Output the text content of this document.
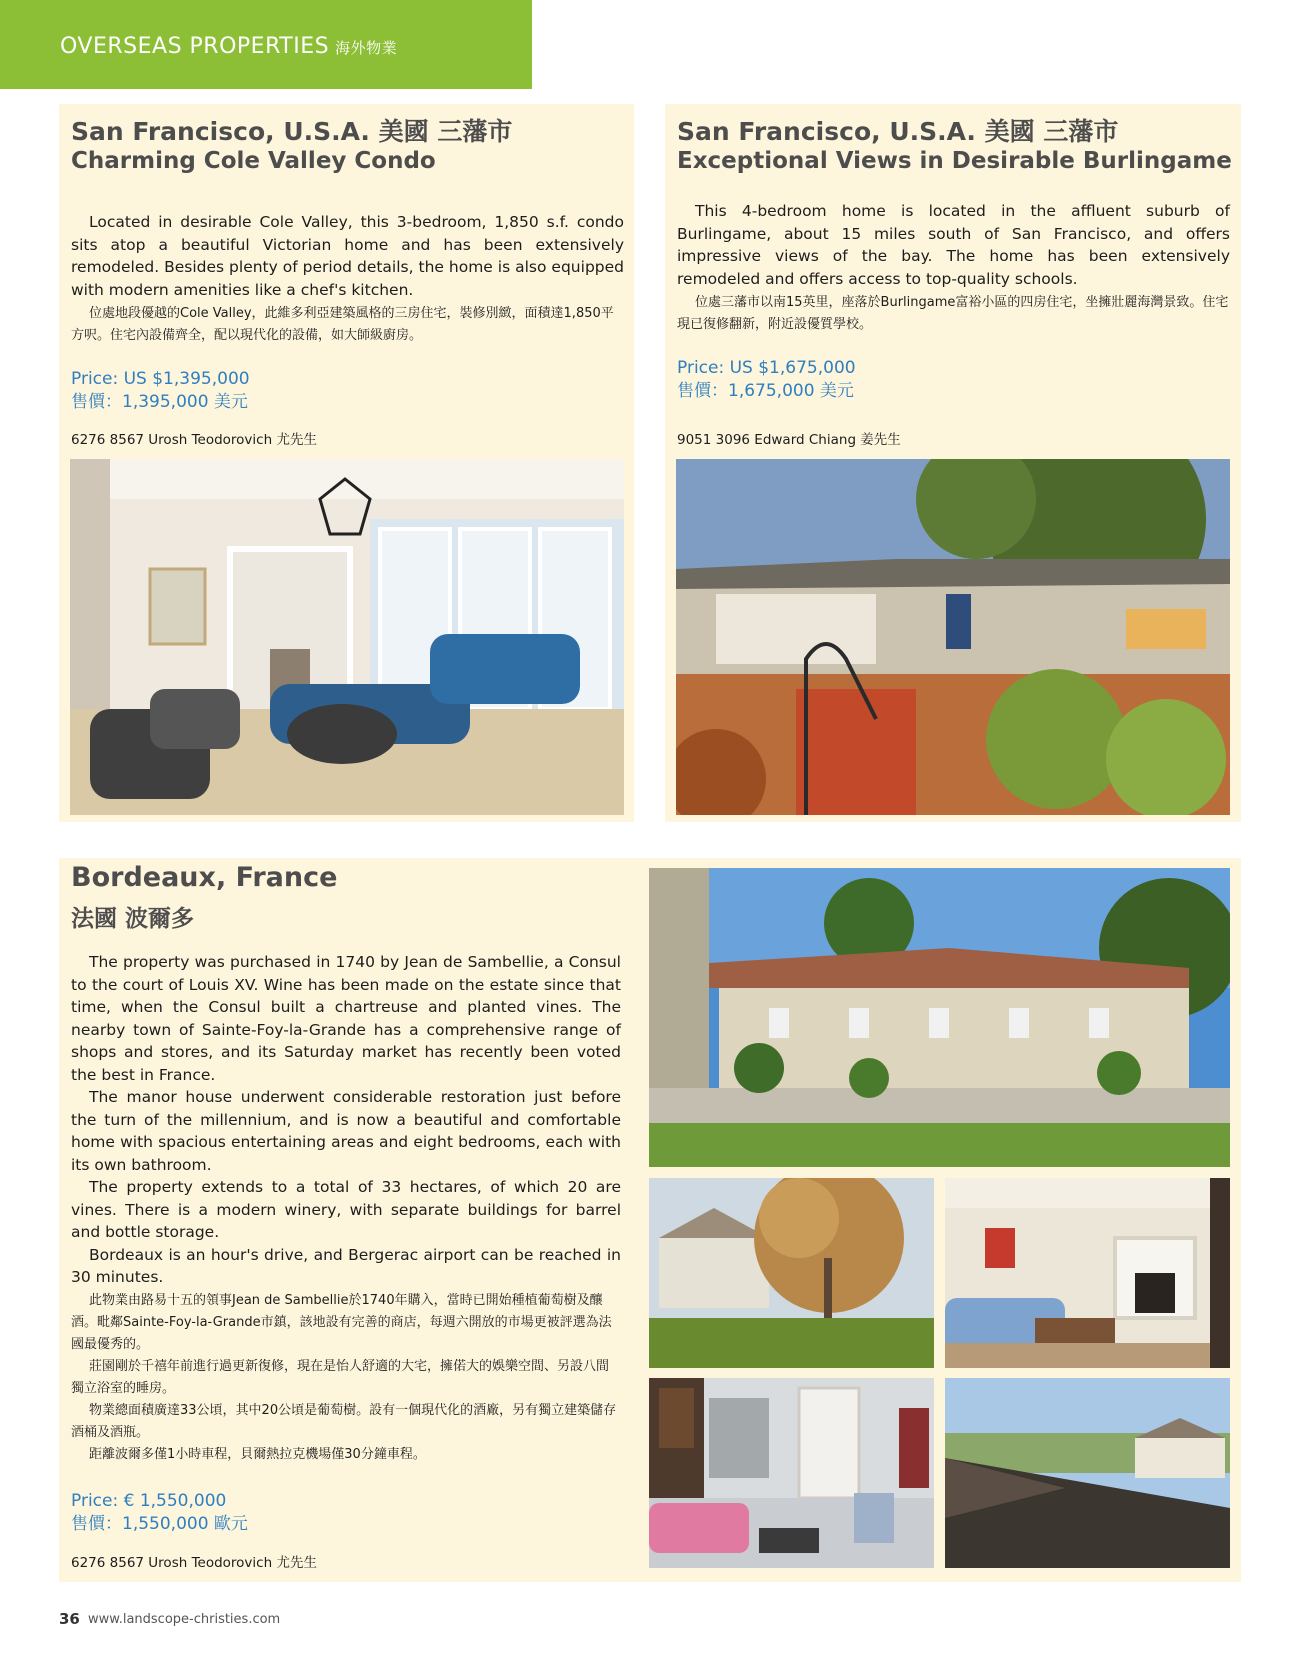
OVERSEAS PROPERTIES 海外物業
San Francisco, U.S.A. 美國 三藩市
Charming Cole Valley Condo

Located in desirable Cole Valley, this 3-bedroom, 1,850 s.f. condo sits atop a beautiful Victorian home and has been extensively remodeled. Besides plenty of period details, the home is also equipped with modern amenities like a chef's kitchen.

位處地段優越的Cole Valley，此維多利亞建築風格的三房住宅，裝修別緻，面積達1,850平方呎。住宅內設備齊全，配以現代化的設備，如大師級廚房。

Price: US $1,395,000
售價：1,395,000 美元
6276 8567 Urosh Teodorovich 尤先生
San Francisco, U.S.A. 美國 三藩市
Exceptional Views in Desirable Burlingame

This 4-bedroom home is located in the affluent suburb of Burlingame, about 15 miles south of San Francisco, and offers impressive views of the bay. The home has been extensively remodeled and offers access to top-quality schools.

位處三藩市以南15英里，座落於Burlingame富裕小區的四房住宅，坐擁壯麗海灣景致。住宅現已復修翻新，附近設優質學校。

Price: US $1,675,000
售價：1,675,000 美元
9051 3096 Edward Chiang 姜先生
Bordeaux, France
法國 波爾多

The property was purchased in 1740 by Jean de Sambellie, a Consul to the court of Louis XV. Wine has been made on the estate since that time, when the Consul built a chartreuse and planted vines. The nearby town of Sainte-Foy-la-Grande has a comprehensive range of shops and stores, and its Saturday market has recently been voted the best in France.

The manor house underwent considerable restoration just before the turn of the millennium, and is now a beautiful and comfortable home with spacious entertaining areas and eight bedrooms, each with its own bathroom.

The property extends to a total of 33 hectares, of which 20 are vines. There is a modern winery, with separate buildings for barrel and bottle storage.

Bordeaux is an hour's drive, and Bergerac airport can be reached in 30 minutes.

此物業由路易十五的領事Jean de Sambellie於1740年購入，當時已開始種植葡萄樹及釀酒。毗鄰Sainte-Foy-la-Grande市鎮，該地設有完善的商店，每週六開放的市場更被評選為法國最優秀的。

莊園剛於千禧年前進行過更新復修，現在是怡人舒適的大宅，擁偌大的娛樂空間、另設八間獨立浴室的睡房。

物業總面積廣達33公頃，其中20公頃是葡萄樹。設有一個現代化的酒廠，另有獨立建築儲存酒桶及酒瓶。

距離波爾多僅1小時車程，貝爾熱拉克機場僅30分鐘車程。

Price: € 1,550,000
售價：1,550,000 歐元
6276 8567 Urosh Teodorovich 尤先生
36 www.landscope-christies.com
